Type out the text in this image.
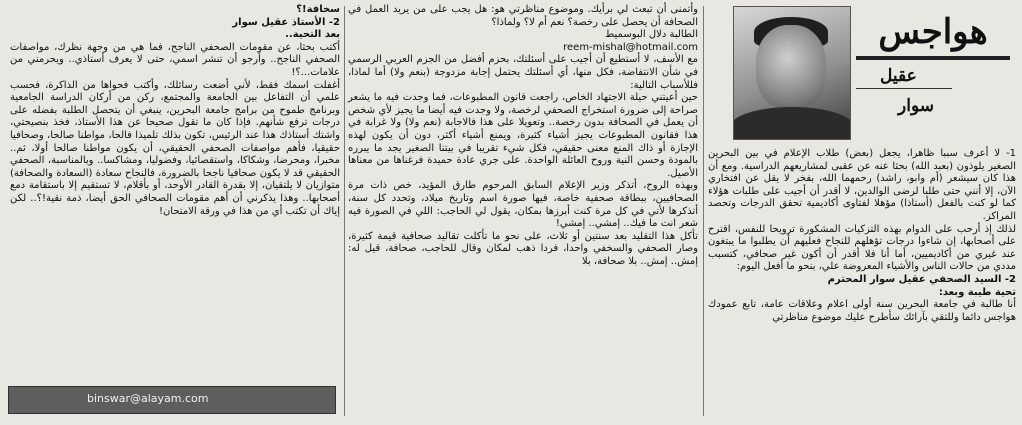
هواجس
عقيل
سوار

1- لا أعرف سببا ظاهرا، يجعل (بعض) طلاب الإعلام في بين البحرين الصغير يلوذون (بعبد الله) بحثا عنه عن عقبى لمشاريعهم الدراسية. ومع أن هذا كان سيشعر (أم وابو، راشد) رحمهما الله، بفخر لا يقل عن افتخاري الآن، إلا أنني حتى طلبا لرضى الوالدين، لا أقدر أن أجيب على طلبات هؤلاء كما لو كنت بالفعل (أستاذا) مؤهلا لفتاوى أكاديمية تحقق الدرجات وتحصد المراكز.

لذلك إذ أرحب على الدوام بهذه التزكيات المشكورة ترويحا للنفس، اقترح على أصحابها، إن شاءوا درجات تؤهلهم للنجاح فعليهم أن يطلبوا ما يبتغون عند غيري من أكاديميين، أما أنا فلا أقدر أن أكون غير صحافي، كتسبب مددي من حالات الناس والأشياء المعروضة علي، بنحو ما أفعل اليوم:

2- السيد الصحفي عقيل سوار المحترم

تحية طيبة وبعد:

أنا طالبة في جامعة البحرين سنة أولى اعلام وعلاقات عامة، تابع عمودك هواجس دائما وللتقي بآرائك سأطرح عليك موضوع مناظرتي

وأتمنى أن تبعث لي برأيك. وموضوع مناظرتي هو: هل يجب على من يريد العمل في الصحافة أن يحصل على رخصة؟ نعم أم لا؟ ولماذا؟

الطالبة دلال البوسميط

reem-mishal@hotmail.com

مع الأسف، لا أستطيع أن أجيب على أسئلتك، بحزم أفضل من الجزم العربي الرسمي في شأن الانتفاضة، فكل منها، أي أسئلتك يحتمل إجابة مزدوجة (بنعم ولا) أما لماذا، فللأسباب التالية:

حين أعيتني حيلة الاجتهاد الخاص، راجعت قانون المطبوعات، فما وجدت فيه ما يشعر صراحة إلى ضرورة استخراج الصحفي لرخصة، ولا وجدت فيه أيضا ما يجيز لأي شخص أن يعمل في الصحافة بدون رخصة.. وتعويلا على هذا فالاجابة (نعم ولا) ولا غرابة في هذا فقانون المطبوعات يجيز أشياء كثيرة، ويمنع أشياء أكثر، دون أن يكون لهذه الإجازة أو ذاك المنع معنى حقيقي، فكل شيء تقريبا في بيتنا الصغير يجد ما يبرره بالمودة وحسن النية وروح العائلة الواحدة. على جري عادة حميدة فرغناها من معناها الأصيل.

وبهذه الروح، أتذكر وزير الإعلام السابق المرحوم طارق المؤيد، خص ذات مرة الصحافيين، ببطاقة صحفية خاصة، فيها صورة اسم وتاريخ ميلاد، وتحدد كل سنة، أتذكرها لأني في كل مرة كنت أبرزها بمكان، يقول لي الحاجب: اللي في الصورة فيه شعر انت ما فيك.. إمشي.. إمشي!

تأكل هذا التقليد بعد سنتين أو ثلاث، على نحو ما تأكلت تقاليد صحافية قيمة كثيرة، وصار الصحفي والسخفي واحدا، فردا ذهب لمكان وقال للحاجب، صحافة، قيل له: إمش.. إمش.. بلا صحافة، بلا

سخافة!؟

2- الأستاذ عقيل سوار

بعد التحية..

أكتب بحثا، عن مقومات الصحفي الناجح، فما هي من وجهة نظرك، مواصفات الصحفي الناجح.. وأرجو أن تنشر اسمي، حتى لا يعرف أستاذي.. ويحرمني من علامات...؟!

أغفلت اسمك فقط، لأني أضعت رسائلك، وأكتب فحواها من الذاكرة، فحسب علمي أن التفاعل بين الجامعة والمجتمع، ركن من أركان الدراسة الجامعية وبرنامج طموح من برامج جامعة البحرين، ينبغي أن يتحصل الطلبة بفضله على درجات ترفع شأنهم. فإذا كان ما تقول صحيحا عن هذا الأستاذ، فخذ بنصيحتي، واشتك أستاذك هذا عند الرئيس، تكون بذلك تلميذا فالحا، مواطنا صالحا، وصحافيا حقيقيا، فأهم مواصفات الصحفي الحقيقي، أن يكون مواطنا صالحا أولا، ثم.. مخبرا، ومحرضا، وشكاكا، واستقصائيا، وفضوليا، ومشاكسا.. وبالمناسبة، الصحفي الحقيقي قد لا يكون صحافيا ناجحا بالضرورة، فالنجاح سعادة (السعادة والصحافة) متوازيان لا يلتقيان، إلا بقدرة القادر الأوحد، أو بأقلام، لا تستقيم إلا باستقامة دمع أصحابها.. وهذا يذكرني أن أهم مقومات الصحافي الحق أيضا، ذمة نقية!؟.. لكن إياك أن تكتب أي من هذا في ورقة الامتحان!

binswar@alayam.com
